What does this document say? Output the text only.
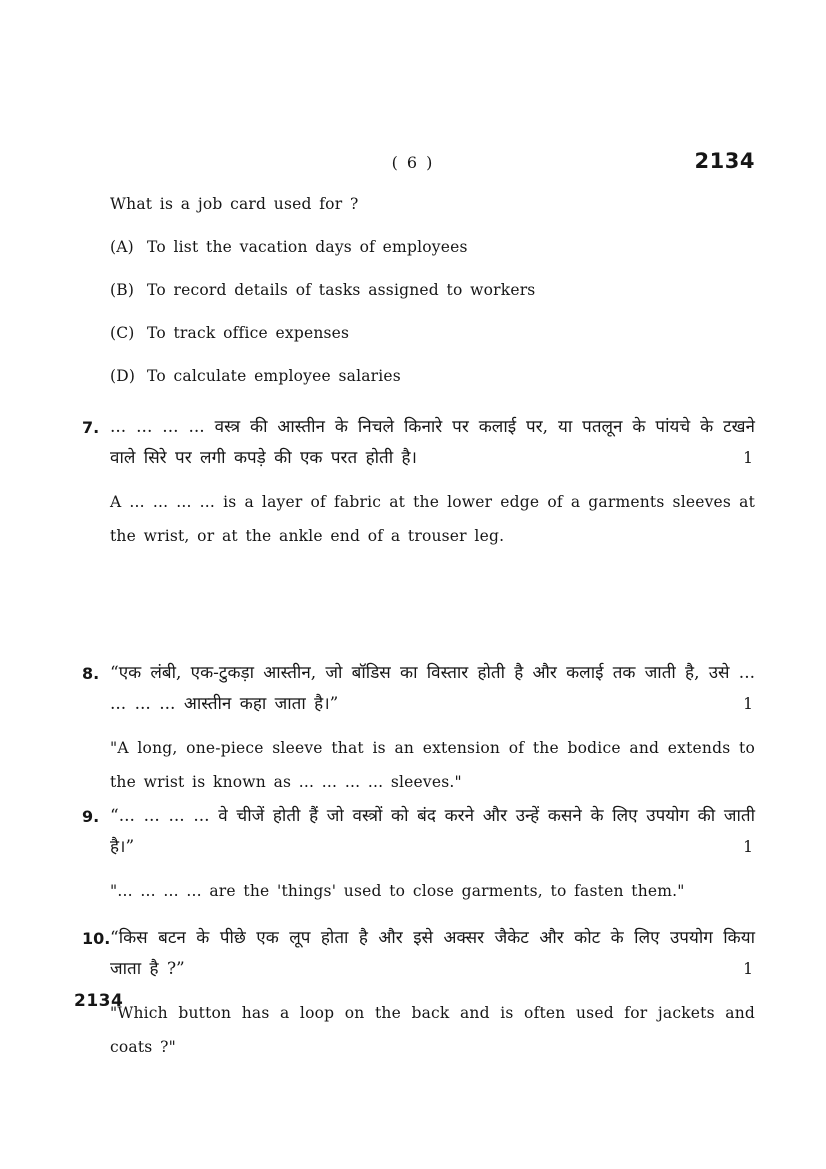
( 6 )	2134
What is a job card used for ?
(A) To list the vacation days of employees
(B) To record details of tasks assigned to workers
(C) To track office expenses
(D) To calculate employee salaries
7. ... ... ... ... वस्त्र की आस्तीन के निचले किनारे पर कलाई पर, या पतलून के पांयचे के टखने वाले सिरे पर लगी कपड़े की एक परत होती है।	1
A ... ... ... ... is a layer of fabric at the lower edge of a garments sleeves at the wrist, or at the ankle end of a trouser leg.
8. “एक लंबी, एक-टुकड़ा आस्तीन, जो बॉडिस का विस्तार होती है और कलाई तक जाती है, उसे ... ... ... ... आस्तीन कहा जाता है।”	1
"A long, one-piece sleeve that is an extension of the bodice and extends to the wrist is known as ... ... ... ... sleeves."
9. “... ... ... ... वे चीजें होती हैं जो वस्त्रों को बंद करने और उन्हें कसने के लिए उपयोग की जाती है।”	1
"... ... ... ... are the 'things' used to close garments, to fasten them."
10. “किस बटन के पीछे एक लूप होता है और इसे अक्सर जैकेट और कोट के लिए उपयोग किया जाता है ?”	1
"Which button has a loop on the back and is often used for jackets and coats ?"
2134
